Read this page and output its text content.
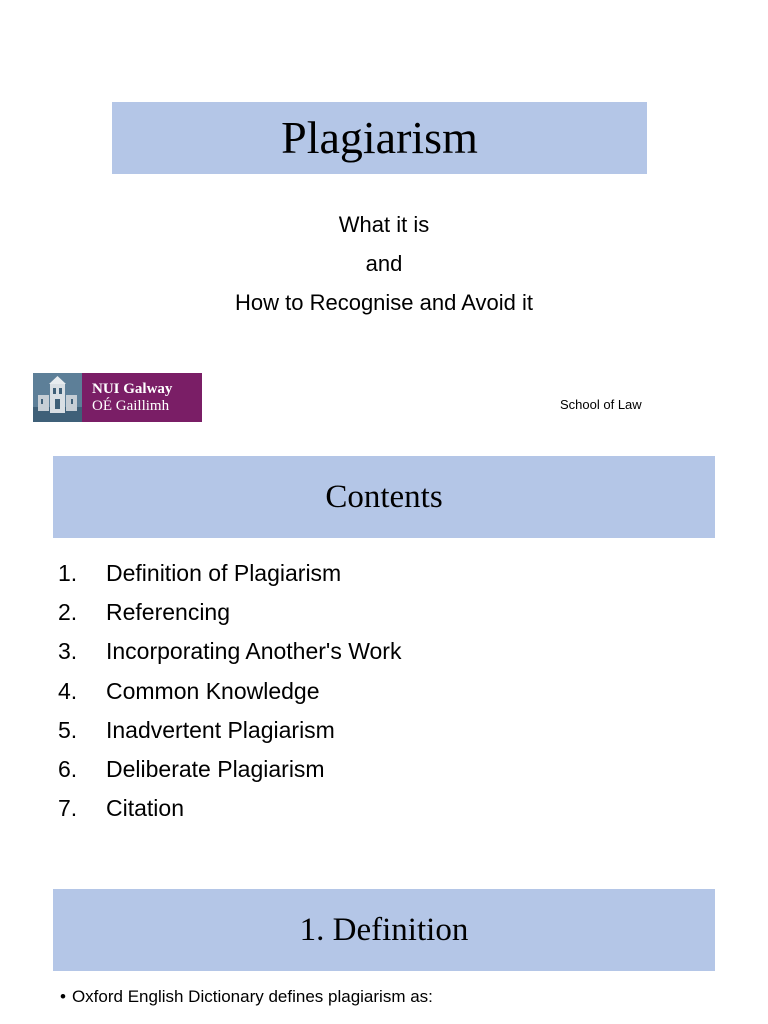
Plagiarism
What it is
and
How to Recognise and Avoid it
NUI Galway
OÉ Gaillimh	School of Law
Contents
1.	Definition of Plagiarism
2.	Referencing
3.	Incorporating Another's Work
4.	Common Knowledge
5.	Inadvertent Plagiarism
6.	Deliberate Plagiarism
7.	Citation
1. Definition
• Oxford English Dictionary defines plagiarism as:
